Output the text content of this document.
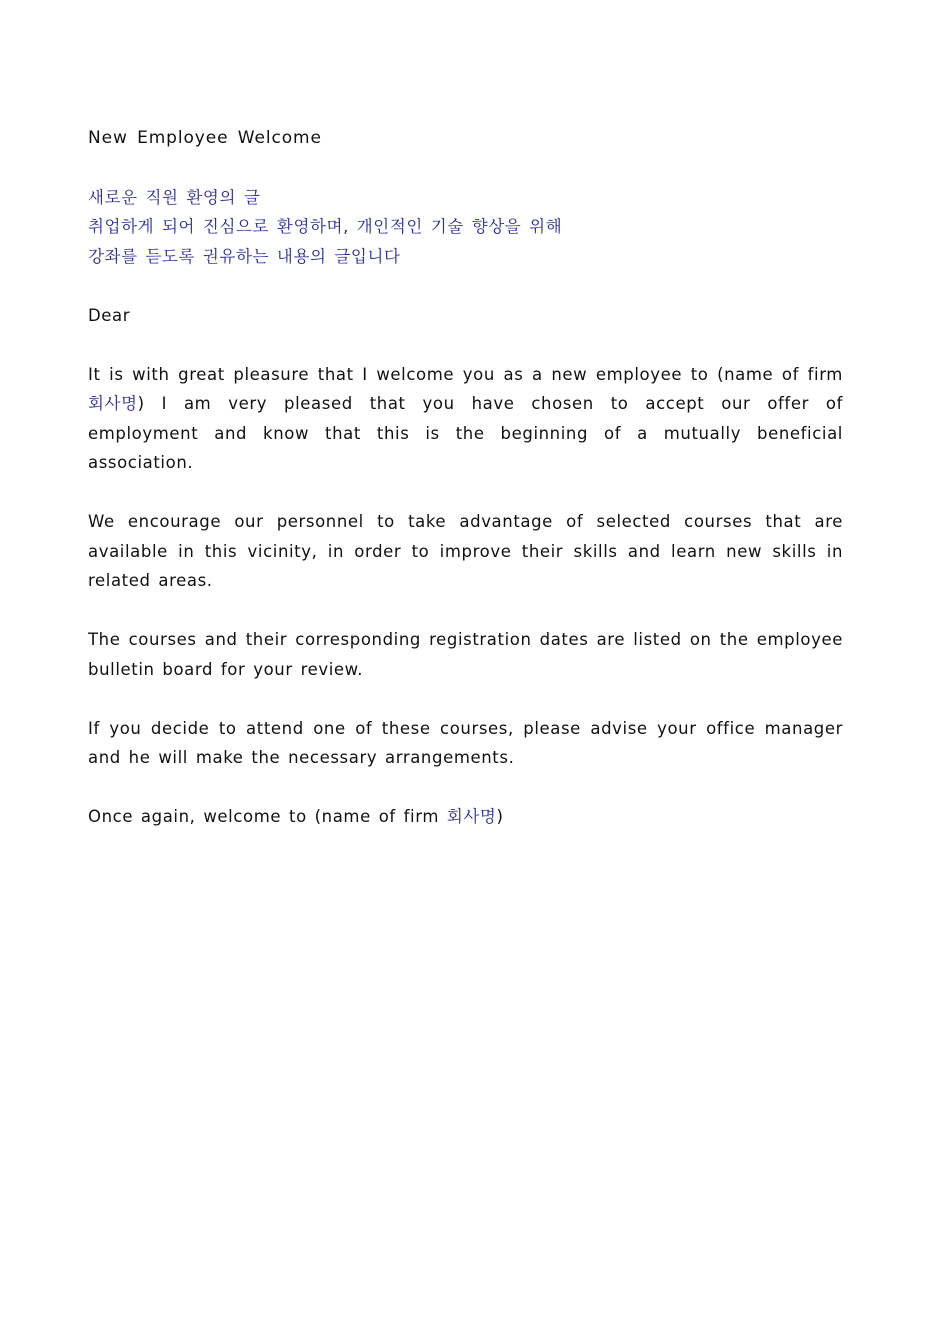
New Employee Welcome
새로운 직원 환영의 글
취업하게 되어 진심으로 환영하며, 개인적인 기술 향상을 위해
강좌를 듣도록 권유하는 내용의 글입니다

Dear

It is with great pleasure that I welcome you as a new employee to (name of firm 회사명) I am very pleased that you have chosen to accept our offer of employment and know that this is the beginning of a mutually beneficial association.

We encourage our personnel to take advantage of selected courses that are available in this vicinity, in order to improve their skills and learn new skills in related areas.

The courses and their corresponding registration dates are listed on the employee bulletin board for your review.

If you decide to attend one of these courses, please advise your office manager and he will make the necessary arrangements.

Once again, welcome to (name of firm 회사명)
